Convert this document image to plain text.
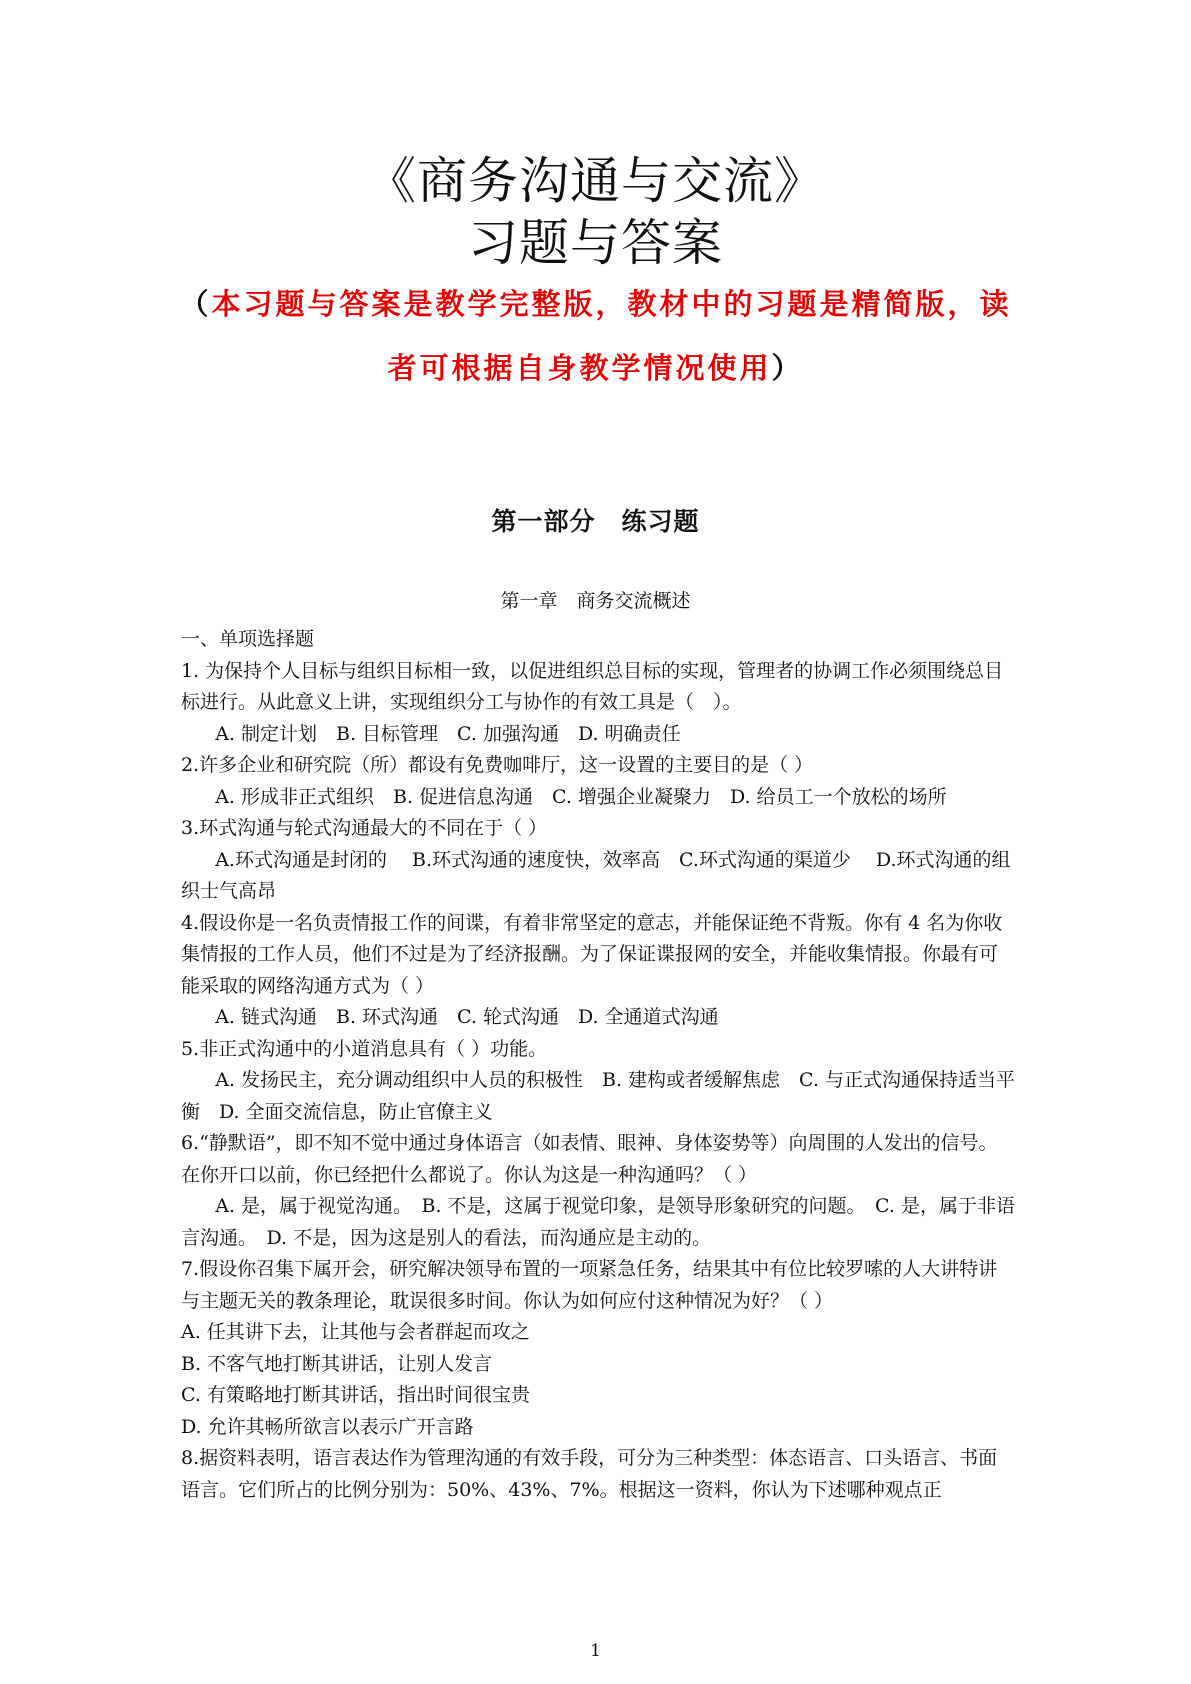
《商务沟通与交流》
习题与答案
（本习题与答案是教学完整版，教材中的习题是精简版，读
者可根据自身教学情况使用）
第一部分　练习题
第一章　商务交流概述

一、单项选择题

1. 为保持个人目标与组织目标相一致，以促进组织总目标的实现，管理者的协调工作必须围绕总目标进行。从此意义上讲，实现组织分工与协作的有效工具是（　）。

A. 制定计划　B. 目标管理　C. 加强沟通　D. 明确责任

2.许多企业和研究院（所）都设有免费咖啡厅，这一设置的主要目的是（ ）

A. 形成非正式组织　B. 促进信息沟通　C. 增强企业凝聚力　D. 给员工一个放松的场所

3.环式沟通与轮式沟通最大的不同在于（ ）

A.环式沟通是封闭的　 B.环式沟通的速度快，效率高　C.环式沟通的渠道少　 D.环式沟通的组织士气高昂

4.假设你是一名负责情报工作的间谍，有着非常坚定的意志，并能保证绝不背叛。你有 4 名为你收集情报的工作人员，他们不过是为了经济报酬。为了保证谍报网的安全，并能收集情报。你最有可能采取的网络沟通方式为（ ）

A. 链式沟通　B. 环式沟通　C. 轮式沟通　D. 全通道式沟通

5.非正式沟通中的小道消息具有（ ）功能。

A. 发扬民主，充分调动组织中人员的积极性　B. 建构或者缓解焦虑　C. 与正式沟通保持适当平衡　D. 全面交流信息，防止官僚主义

6.“静默语”，即不知不觉中通过身体语言（如表情、眼神、身体姿势等）向周围的人发出的信号。在你开口以前，你已经把什么都说了。你认为这是一种沟通吗？（ ）

A. 是，属于视觉沟通。　B. 不是，这属于视觉印象，是领导形象研究的问题。　C. 是，属于非语言沟通。　D. 不是，因为这是别人的看法，而沟通应是主动的。

7.假设你召集下属开会，研究解决领导布置的一项紧急任务，结果其中有位比较罗嗦的人大讲特讲与主题无关的教条理论，耽误很多时间。你认为如何应付这种情况为好？（ ）

A. 任其讲下去，让其他与会者群起而攻之

B. 不客气地打断其讲话，让别人发言

C. 有策略地打断其讲话，指出时间很宝贵

D. 允许其畅所欲言以表示广开言路

8.据资料表明，语言表达作为管理沟通的有效手段，可分为三种类型：体态语言、口头语言、书面语言。它们所占的比例分别为：50%、43%、7%。根据这一资料，你认为下述哪种观点正

1
